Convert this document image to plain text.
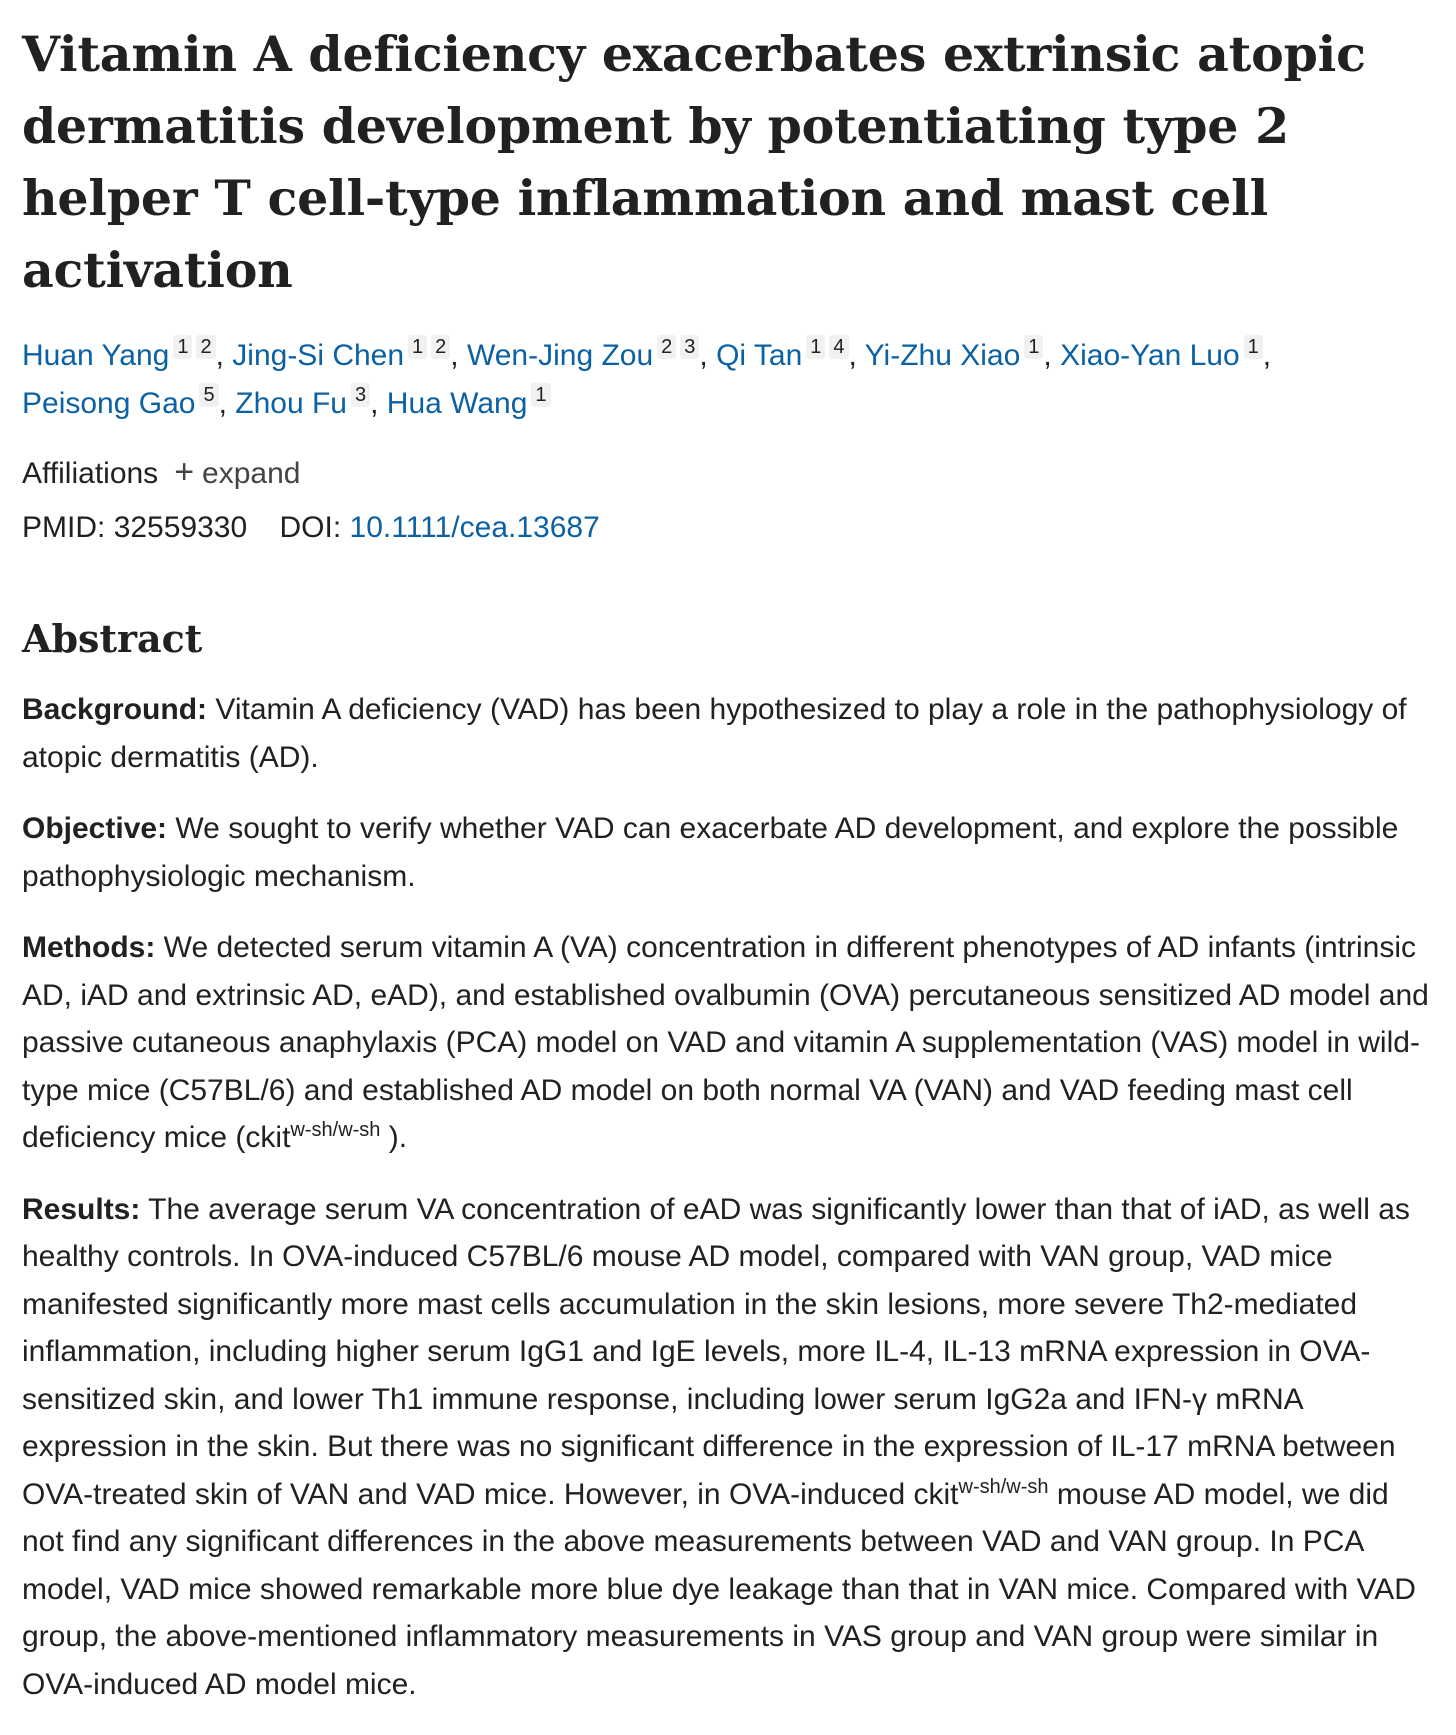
Vitamin A deficiency exacerbates extrinsic atopic dermatitis development by potentiating type 2 helper T cell-type inflammation and mast cell activation
Huan Yang 1 2 , Jing-Si Chen 1 2 , Wen-Jing Zou 2 3 , Qi Tan 1 4 , Yi-Zhu Xiao 1 , Xiao-Yan Luo 1 , Peisong Gao 5 , Zhou Fu 3 , Hua Wang 1
Affiliations + expand
PMID: 32559330 DOI: 10.1111/cea.13687
Abstract

Background: Vitamin A deficiency (VAD) has been hypothesized to play a role in the pathophysiology of atopic dermatitis (AD).

Objective: We sought to verify whether VAD can exacerbate AD development, and explore the possible pathophysiologic mechanism.

Methods: We detected serum vitamin A (VA) concentration in different phenotypes of AD infants (intrinsic AD, iAD and extrinsic AD, eAD), and established ovalbumin (OVA) percutaneous sensitized AD model and passive cutaneous anaphylaxis (PCA) model on VAD and vitamin A supplementation (VAS) model in wild-type mice (C57BL/6) and established AD model on both normal VA (VAN) and VAD feeding mast cell deficiency mice (ckit$^{w-sh/w-sh}$ ).

Results: The average serum VA concentration of eAD was significantly lower than that of iAD, as well as healthy controls. In OVA-induced C57BL/6 mouse AD model, compared with VAN group, VAD mice manifested significantly more mast cells accumulation in the skin lesions, more severe Th2-mediated inflammation, including higher serum IgG1 and IgE levels, more IL-4, IL-13 mRNA expression in OVA-sensitized skin, and lower Th1 immune response, including lower serum IgG2a and IFN-γ mRNA expression in the skin. But there was no significant difference in the expression of IL-17 mRNA between OVA-treated skin of VAN and VAD mice. However, in OVA-induced ckit$^{w-sh/w-sh}$ mouse AD model, we did not find any significant differences in the above measurements between VAD and VAN group. In PCA model, VAD mice showed remarkable more blue dye leakage than that in VAN mice. Compared with VAD group, the above-mentioned inflammatory measurements in VAS group and VAN group were similar in OVA-induced AD model mice.
